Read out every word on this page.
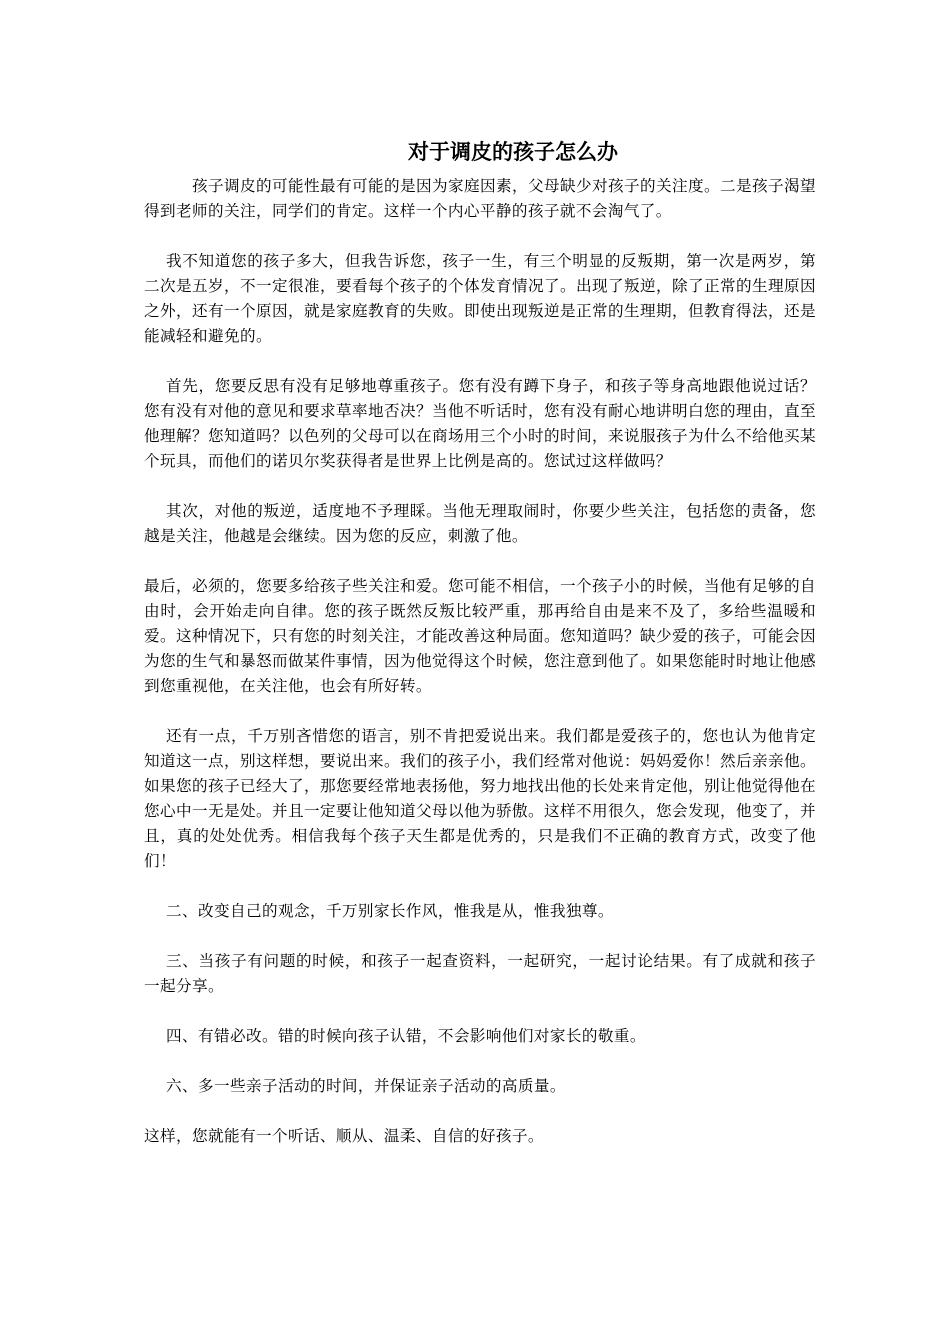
对于调皮的孩子怎么办

孩子调皮的可能性最有可能的是因为家庭因素，父母缺少对孩子的关注度。二是孩子渴望得到老师的关注，同学们的肯定。这样一个内心平静的孩子就不会淘气了。

我不知道您的孩子多大，但我告诉您，孩子一生，有三个明显的反叛期，第一次是两岁，第二次是五岁，不一定很准，要看每个孩子的个体发育情况了。出现了叛逆，除了正常的生理原因之外，还有一个原因，就是家庭教育的失败。即使出现叛逆是正常的生理期，但教育得法，还是能减轻和避免的。

首先，您要反思有没有足够地尊重孩子。您有没有蹲下身子，和孩子等身高地跟他说过话？您有没有对他的意见和要求草率地否决？当他不听话时，您有没有耐心地讲明白您的理由，直至他理解？您知道吗？以色列的父母可以在商场用三个小时的时间，来说服孩子为什么不给他买某个玩具，而他们的诺贝尔奖获得者是世界上比例是高的。您试过这样做吗？

其次，对他的叛逆，适度地不予理睬。当他无理取闹时，你要少些关注，包括您的责备，您越是关注，他越是会继续。因为您的反应，刺激了他。

最后，必须的，您要多给孩子些关注和爱。您可能不相信，一个孩子小的时候，当他有足够的自由时，会开始走向自律。您的孩子既然反叛比较严重，那再给自由是来不及了，多给些温暖和爱。这种情况下，只有您的时刻关注，才能改善这种局面。您知道吗？缺少爱的孩子，可能会因为您的生气和暴怒而做某件事情，因为他觉得这个时候，您注意到他了。如果您能时时地让他感到您重视他，在关注他，也会有所好转。

还有一点，千万别吝惜您的语言，别不肯把爱说出来。我们都是爱孩子的，您也认为他肯定知道这一点，别这样想，要说出来。我们的孩子小，我们经常对他说：妈妈爱你！然后亲亲他。如果您的孩子已经大了，那您要经常地表扬他，努力地找出他的长处来肯定他，别让他觉得他在您心中一无是处。并且一定要让他知道父母以他为骄傲。这样不用很久，您会发现，他变了，并且，真的处处优秀。相信我每个孩子天生都是优秀的，只是我们不正确的教育方式，改变了他们！

二、改变自己的观念，千万别家长作风，惟我是从，惟我独尊。

三、当孩子有问题的时候，和孩子一起查资料，一起研究，一起讨论结果。有了成就和孩子一起分享。

四、有错必改。错的时候向孩子认错，不会影响他们对家长的敬重。

六、多一些亲子活动的时间，并保证亲子活动的高质量。

这样，您就能有一个听话、顺从、温柔、自信的好孩子。
